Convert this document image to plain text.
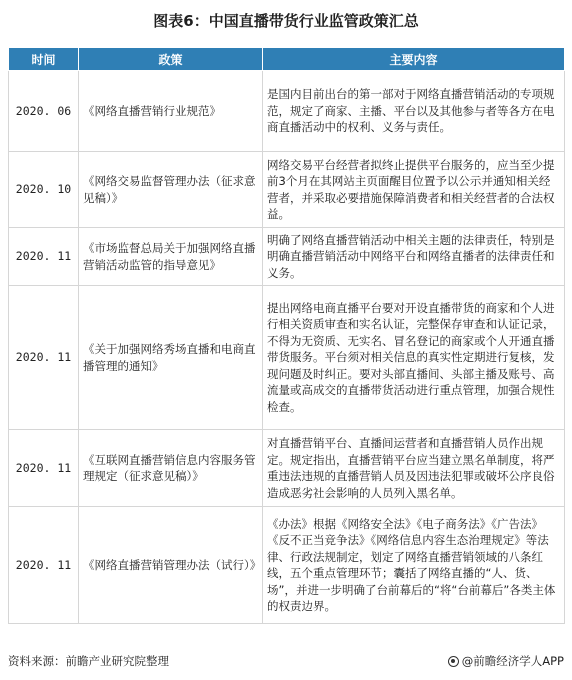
图表6：中国直播带货行业监管政策汇总
时间	政策	主要内容
2020. 06	《网络直播营销行业规范》	是国内目前出台的第一部对于网络直播营销活动的专项规范，规定了商家、主播、平台以及其他参与者等各方在电商直播活动中的权利、义务与责任。
2020. 10	《网络交易监督管理办法（征求意见稿）》	网络交易平台经营者拟终止提供平台服务的，应当至少提前3个月在其网站主页面醒目位置予以公示并通知相关经营者，并采取必要措施保障消费者和相关经营者的合法权益。
2020. 11	《市场监督总局关于加强网络直播营销活动监管的指导意见》	明确了网络直播营销活动中相关主题的法律责任，特别是明确直播营销活动中网络平台和网络直播者的法律责任和义务。
2020. 11	《关于加强网络秀场直播和电商直播管理的通知》	提出网络电商直播平台要对开设直播带货的商家和个人进行相关资质审查和实名认证，完整保存审查和认证记录，不得为无资质、无实名、冒名登记的商家或个人开通直播带货服务。平台须对相关信息的真实性定期进行复核，发现问题及时纠正。要对头部直播间、头部主播及账号、高流量或高成交的直播带货活动进行重点管理，加强合规性检查。
2020. 11	《互联网直播营销信息内容服务管理规定（征求意见稿）》	对直播营销平台、直播间运营者和直播营销人员作出规定。规定指出，直播营销平台应当建立黑名单制度，将严重违法违规的直播营销人员及因违法犯罪或破坏公序良俗造成恶劣社会影响的人员列入黑名单。
2020. 11	《网络直播营销管理办法（试行）》	《办法》根据《网络安全法》《电子商务法》《广告法》《反不正当竞争法》《网络信息内容生态治理规定》等法律、行政法规制定，划定了网络直播营销领域的八条红线，五个重点管理环节；囊括了网络直播的“人、货、场”，并进一步明确了台前幕后的“将“台前幕后”各类主体的权责边界。
资料来源：前瞻产业研究院整理	@前瞻经济学人APP
